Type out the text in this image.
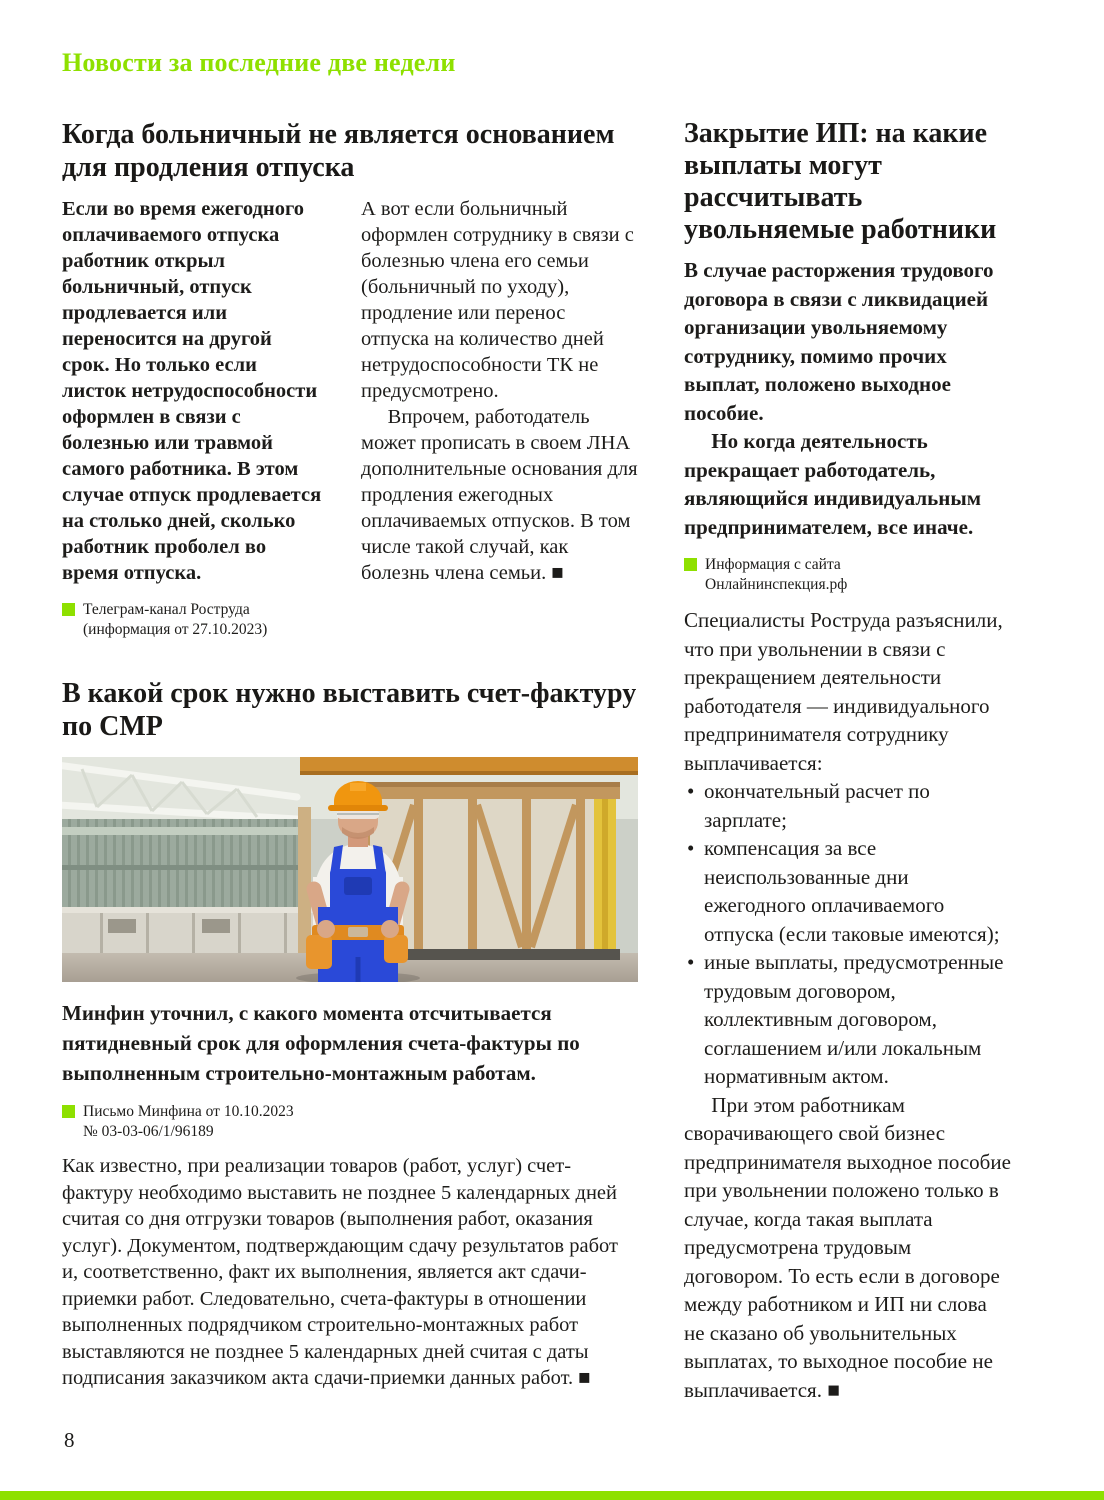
Новости за последние две недели
Когда больничный не является основанием для продления отпуска

Если во время ежегодного оплачиваемого отпуска работник открыл больничный, отпуск продлевается или переносится на другой срок. Но только если листок нетрудоспособности оформлен в связи с болезнью или травмой самого работника. В этом случае отпуск продлевается на столько дней, сколько работник проболел во время отпуска.

Телеграм-канал Роструда
(информация от 27.10.2023)

А вот если больничный оформлен сотруднику в связи с болезнью члена его семьи (больничный по уходу), продление или перенос отпуска на количество дней нетрудоспособности ТК не предусмотрено.

Впрочем, работодатель может прописать в своем ЛНА дополнительные основания для продления ежегодных оплачиваемых отпусков. В том числе такой случай, как болезнь члена семьи. ■

В какой срок нужно выставить счет-фактуру по СМР

Минфин уточнил, с какого момента отсчитывается пятидневный срок для оформления счета-фактуры по выполненным строительно-монтажным работам.

Письмо Минфина от 10.10.2023
№ 03-03-06/1/96189

Как известно, при реализации товаров (работ, услуг) счет-фактуру необходимо выставить не позднее 5 календарных дней считая со дня отгрузки товаров (выполнения работ, оказания услуг). Документом, подтверждающим сдачу результатов работ и, соответственно, факт их выполнения, является акт сдачи-приемки работ. Следовательно, счета-фактуры в отношении выполненных подрядчиком строительно-монтажных работ выставляются не позднее 5 календарных дней считая с даты подписания заказчиком акта сдачи-приемки данных работ. ■

Закрытие ИП: на какие выплаты могут рассчитывать увольняемые работники

В случае расторжения трудового договора в связи с ликвидацией организации увольняемому сотруднику, помимо прочих выплат, положено выходное пособие.

Но когда деятельность прекращает работодатель, являющийся индивидуальным предпринимателем, все иначе.

Информация с сайта
Онлайнинспекция.рф

Специалисты Роструда разъяснили, что при увольнении в связи с прекращением деятельности работодателя — индивидуального предпринимателя сотруднику выплачивается:

• окончательный расчет по зарплате;
• компенсация за все неиспользованные дни ежегодного оплачиваемого отпуска (если таковые имеются);
• иные выплаты, предусмотренные трудовым договором, коллективным договором, соглашением и/или локальным нормативным актом.

При этом работникам сворачивающего свой бизнес предпринимателя выходное пособие при увольнении положено только в случае, когда такая выплата предусмотрена трудовым договором. То есть если в договоре между работником и ИП ни слова не сказано об увольнительных выплатах, то выходное пособие не выплачивается. ■

8
